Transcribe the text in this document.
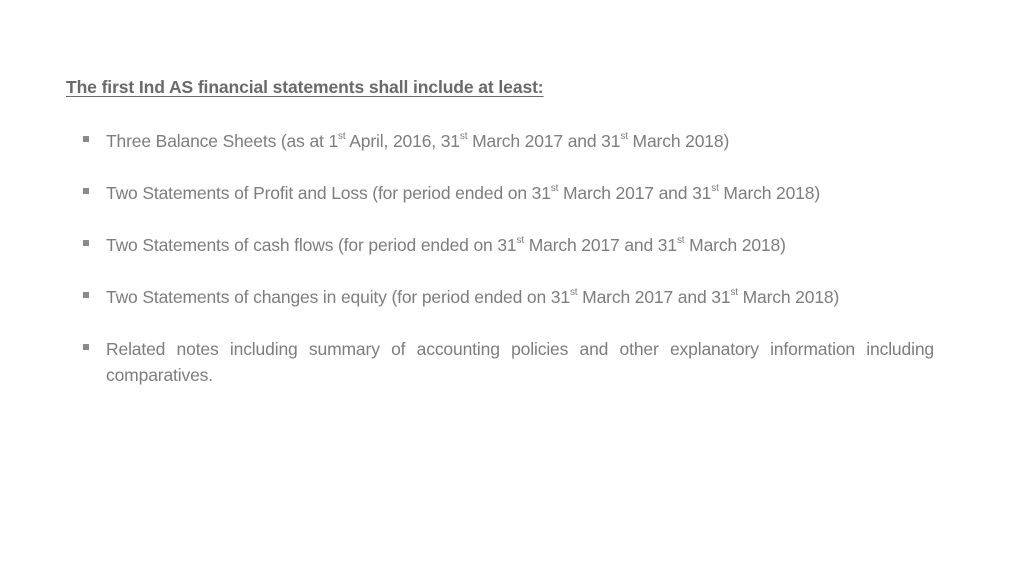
The first Ind AS financial statements shall include at least:
Three Balance Sheets (as at 1st April, 2016, 31st March 2017 and 31st March 2018)
Two Statements of Profit and Loss (for period ended on 31st March 2017 and 31st March 2018)
Two Statements of cash flows (for period ended on 31st March 2017 and 31st March 2018)
Two Statements of changes in equity (for period ended on 31st March 2017 and 31st March 2018)
Related notes including summary of accounting policies and other explanatory information including comparatives.
